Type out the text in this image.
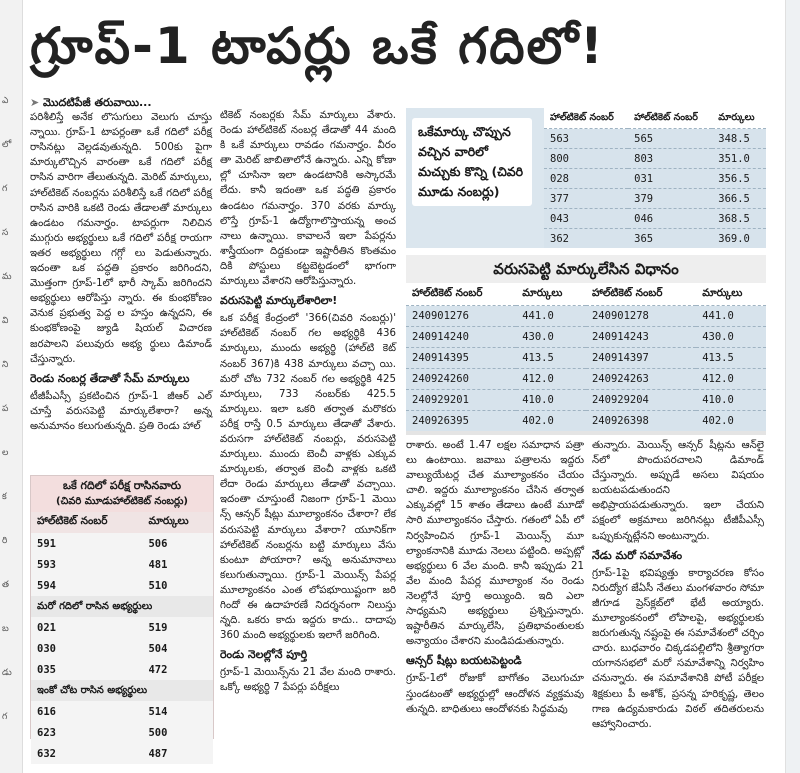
ఎ
లో
గ
స
మ
వి
ని
ప
ల
క
రి
త
బ
డు
గ
గ్రూప్-1 టాపర్లు ఒకే గదిలో!
➤ మొదటిపేజీ తరువాయి...

పరిశీలిస్తే అనేక లొసుగులు వెలుగు చూస్తు న్నాయి. గ్రూప్-1 టాపర్లంతా ఒకే గదిలో పరీక్ష రాసినట్లు వెల్లడవుతున్నది. 500కు పైగా మార్కులొచ్చిన వారంతా ఒకే గదిలో పరీక్ష రాసిన వారిగా తేలుతున్నది. మెరిట్ మార్కులు, హాల్‌టికెట్ నంబర్లను పరిశీలిస్తే ఒకే గదిలో పరీక్ష రాసిన వారికి ఒకటి రెండు తేడాలతో మార్కులు ఉండటం గమనార్హం. టాపర్లుగా నిలిచిన ముగ్గురు అభ్యర్థులు ఒకే గదిలో పరీక్ష రాయగా ఇతర అభ్యర్థులు గగ్గో లు పెడుతున్నారు. ఇదంతా ఒక పద్ధతి ప్రకారం జరిగిందని, మొత్తంగా గ్రూప్-1లో భారీ స్కామ్ జరిగిందని అభ్యర్థులు ఆరోపిస్తు న్నారు. ఈ కుంభకోణం వెనుక ప్రభుత్వ పెద్ద ల హస్తం ఉన్నదని, ఈ కుంభకోణంపై జ్యుడి షియల్ విచారణ జరపాలని పలువురు అభ్య ర్థులు డిమాండ్ చేస్తున్నారు.

రెండు నంబర్ల తేడాతో సేమ్ మార్కులు

టీజీపీఎస్సీ ప్రకటించిన గ్రూప్-1 జీఆర్ ఎల్ చూస్తే వరుసపెట్టి మార్కులేశారా? అన్న అనుమానం కలుగుతున్నది. ప్రతి రెండు హాల్

ఒకే గదిలో పరీక్ష రాసినవారు
(చివరి మూడుహాల్‌టికెట్ నంబర్లు)
హాల్‌టికెట్ నంబర్	మార్కులు
591	506
593	481
594	510
మరో గదిలో రాసిన అభ్యర్థులు	
021	519
030	504
035	472
ఇంకో చోట రాసిన అభ్యర్థులు	
616	514
623	500
632	487

టికెట్ నంబర్లకు సేమ్ మార్కులు వేశారు. రెండు హాల్‌టికెట్ నంబర్ల తేడాతో 44 మంది కి ఒకే మార్కులు రావడం గమనార్హం. వీరం తా మెరిట్ జాబితాలోనే ఉన్నారు. ఎన్ని కోణా ల్లో చూసినా ఇలా ఉండటానికి అస్కారమే లేదు. కానీ ఇదంతా ఒక పద్ధతి ప్రకారం ఉండటం గమనార్హం. 370 వరకు మార్కు లొస్తే గ్రూప్-1 ఉద్యోగాలొస్తాయన్న అంచ నాలు ఉన్నాయి. కావాలనే ఇలా పేపర్లను శాస్త్రీయంగా దిద్దకుండా ఇష్టారీతిన కొంతమం దికి పోస్టులు కట్టబెట్టడంలో భాగంగా మార్కులు వేశారని ఆరోపిస్తున్నారు.

వరుసపెట్టి మార్కులేశారిలా!

ఒక పరీక్ష కేంద్రంలో '366(చివరి నంబర్లు)' హాల్‌టికెట్ నంబర్ గల అభ్యర్థికి 436 మార్కులు, ముందు అభ్యర్థి (హాల్‌టి కెట్ నంబర్ 367)కి 438 మార్కులు వచ్చా యి. మరో చోట 732 నంబర్ గల అభ్యర్థికి 425 మార్కులు, 733 నంబర్‌కు 425.5 మార్కులు. ఇలా ఒకరి తర్వాత మరొకరు పరీక్ష రాస్తే 0.5 మార్కులు తేడాతో వేశారు. వరుసగా హాల్‌టికెట్ నంబర్లు, వరుసపెట్టి మార్కులు. ముందు బెంచీ వాళ్లకు ఎక్కువ మార్కులకు, తర్వాత బెంచీ వాళ్లకు ఒకటి లేదా రెండు మార్కులు తేడాతో వచ్చాయి. ఇదంతా చూస్తుంటే నిజంగా గ్రూప్-1 మెయి న్స్ ఆన్సర్ షీట్లు మూల్యాంకనం చేశారా? లేక వరుసపెట్టి మార్కులు వేశారా? యూనిక్‌గా హాల్‌టికెట్ నంబర్లను బట్టి మార్కులు వేసు కుంటూ పోయారా? అన్న అనుమానాలు కలుగుతున్నాయి. గ్రూప్-1 మెయిన్స్ పేపర్ల మూల్యాంకనం ఎంత లోపభూయిష్టంగా జరి గిందో ఈ ఉదాహరణే నిదర్శనంగా నిలుస్తు న్నది. ఒకరు కాదు ఇద్దరు కాదు.. దాదాపు 360 మంది అభ్యర్థులకు ఇలాగే జరిగింది.

రెండు నెలల్లోనే పూర్తి

గ్రూప్-1 మెయిన్స్‌ను 21 వేల మంది రాశారు. ఒక్కో అభ్యర్థి 7 పేపర్లు పరీక్షలు

ఒకేమార్కు చొప్పున వచ్చిన వారిలో మచ్చుకు కొన్ని (చివరి మూడు నంబర్లు)
హాల్‌టికెట్ నంబర్	హాల్‌టికెట్ నంబర్	మార్కులు
563	565	348.5
800	803	351.0
028	031	356.5
377	379	366.5
043	046	368.5
362	365	369.0
వరుసపెట్టి మార్కులేసిన విధానం
హాల్‌టికెట్ నంబర్	మార్కులు	హాల్‌టికెట్ నంబర్	మార్కులు
240901276	441.0	240901278	441.0
240914240	430.0	240914243	430.0
240914395	413.5	240914397	413.5
240924260	412.0	240924263	412.0
240929201	410.0	240929204	410.0
240926395	402.0	240926398	402.0

రాశారు. అంటే 1.47 లక్షల సమాధాన పత్రా లు ఉంటాయి. జవాబు పత్రాలను ఇద్దరు వాల్యుయేటర్ల చేత మూల్యాంకనం చేయం చాలి. ఇద్దరు మూల్యాంకనం చేసిన తర్వాత ఎక్కువల్లో 15 శాతం తేడాలు ఉంటే మూడో సారి మూల్యాంకనం చేస్తారు. గతంలో ఏపీ లో నిర్వహించిన గ్రూప్-1 మెయిన్స్ మూ ల్యాంకనానికి మూడు నెలలు పట్టింది. అప్పట్లో అభ్యర్థులు 6 వేల మంది. కానీ ఇప్పుడు 21 వేల మంది పేపర్ల మూల్యాంక నం రెండు నెలల్లోనే పూర్తి అయ్యింది. ఇది ఎలా సాధ్యమని అభ్యర్థులు ప్రశ్నిస్తున్నారు. ఇష్టారీతిన మార్కులేసి, ప్రతిభావంతులకు అన్యాయం చేశారని మండిపడుతున్నారు.

ఆన్సర్ షీట్లు బయటపెట్టండి

గ్రూప్-1లో రోజుకో బాగోతం వెలుగుచూ స్తుండటంతో అభ్యర్థుల్లో ఆందోళన వ్యక్తమవు తున్నది. బాధితులు ఆందోళనకు సిద్ధమవు

తున్నారు. మెయిన్స్ ఆన్సర్ షీట్లను ఆన్‌లై న్‌లో పొందుపరచాలని డిమాండ్ చేస్తున్నారు. అప్పుడే అసలు విషయం బయటపడుతుందని అభిప్రాయపడుతున్నారు. ఇలా చేయని పక్షంలో అక్రమాలు జరిగినట్లు టీజీపీఎస్సీ ఒప్పుకున్నట్లేనని అంటున్నారు.

నేడు మరో సమావేశం

గ్రూప్-1పై భవిష్యత్తు కార్యాచరణ కోసం నిరుద్యోగ జేఏసీ నేతలు మంగళవారం సోమా జీగూడ ప్రెస్‌క్లబ్‌లో భేటీ అయ్యారు. మూల్యాంకనంలో లోపాలపై, అభ్యర్థులకు జరుగుతున్న నష్టంపై ఈ సమావేశంలో చర్చిం చారు. బుధవారం చిక్కడపల్లిలోని శ్రీత్యాగరా యగానసభలో మరో సమావేశాన్ని నిర్వహిం చనున్నారు. ఈ సమావేశానికి పోటీ పరీక్షల శిక్షకులు పీ అశోక్, ప్రసన్న హరికృష్ణ, తెలం గాణ ఉద్యమకారుడు విఠల్ తదితరులను ఆహ్వానించారు.
